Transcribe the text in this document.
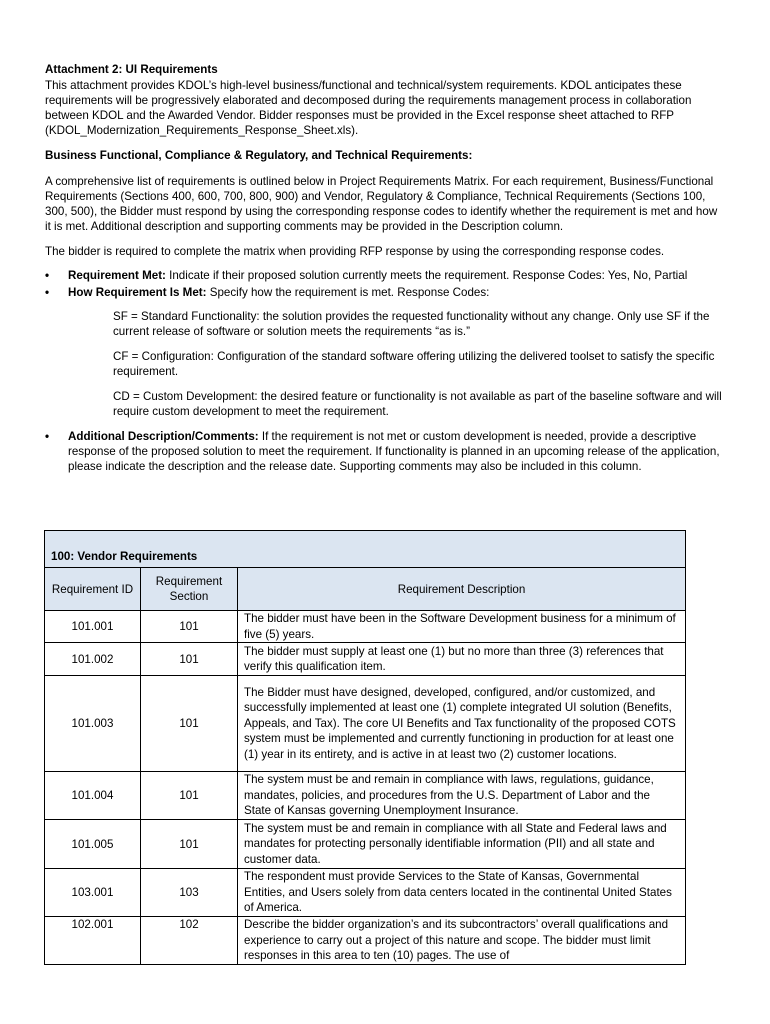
Attachment 2: UI Requirements
This attachment provides KDOL’s high-level business/functional and technical/system requirements. KDOL anticipates these requirements will be progressively elaborated and decomposed during the requirements management process in collaboration between KDOL and the Awarded Vendor. Bidder responses must be provided in the Excel response sheet attached to RFP (KDOL_Modernization_Requirements_Response_Sheet.xls).
Business Functional, Compliance & Regulatory, and Technical Requirements:
A comprehensive list of requirements is outlined below in Project Requirements Matrix. For each requirement, Business/Functional Requirements (Sections 400, 600, 700, 800, 900) and Vendor, Regulatory & Compliance, Technical Requirements (Sections 100, 300, 500), the Bidder must respond by using the corresponding response codes to identify whether the requirement is met and how it is met. Additional description and supporting comments may be provided in the Description column.
The bidder is required to complete the matrix when providing RFP response by using the corresponding response codes.
• Requirement Met: Indicate if their proposed solution currently meets the requirement. Response Codes: Yes, No, Partial
• How Requirement Is Met: Specify how the requirement is met. Response Codes:
SF = Standard Functionality: the solution provides the requested functionality without any change. Only use SF if the current release of software or solution meets the requirements “as is.”
CF = Configuration: Configuration of the standard software offering utilizing the delivered toolset to satisfy the specific requirement.
CD = Custom Development: the desired feature or functionality is not available as part of the baseline software and will require custom development to meet the requirement.
• Additional Description/Comments: If the requirement is not met or custom development is needed, provide a descriptive response of the proposed solution to meet the requirement. If functionality is planned in an upcoming release of the application, please indicate the description and the release date. Supporting comments may also be included in this column.
100: Vendor Requirements		
Requirement ID	Requirement Section	Requirement Description
101.001	101	The bidder must have been in the Software Development business for a minimum of five (5) years.
101.002	101	The bidder must supply at least one (1) but no more than three (3) references that verify this qualification item.
101.003	101	The Bidder must have designed, developed, configured, and/or customized, and successfully implemented at least one (1) complete integrated UI solution (Benefits, Appeals, and Tax). The core UI Benefits and Tax functionality of the proposed COTS system must be implemented and currently functioning in production for at least one (1) year in its entirety, and is active in at least two (2) customer locations.
101.004	101	The system must be and remain in compliance with laws, regulations, guidance, mandates, policies, and procedures from the U.S. Department of Labor and the State of Kansas governing Unemployment Insurance.
101.005	101	The system must be and remain in compliance with all State and Federal laws and mandates for protecting personally identifiable information (PII) and all state and customer data.
103.001	103	The respondent must provide Services to the State of Kansas, Governmental Entities, and Users solely from data centers located in the continental United States of America.
102.001	102	Describe the bidder organization’s and its subcontractors’ overall qualifications and experience to carry out a project of this nature and scope. The bidder must limit responses in this area to ten (10) pages. The use of
